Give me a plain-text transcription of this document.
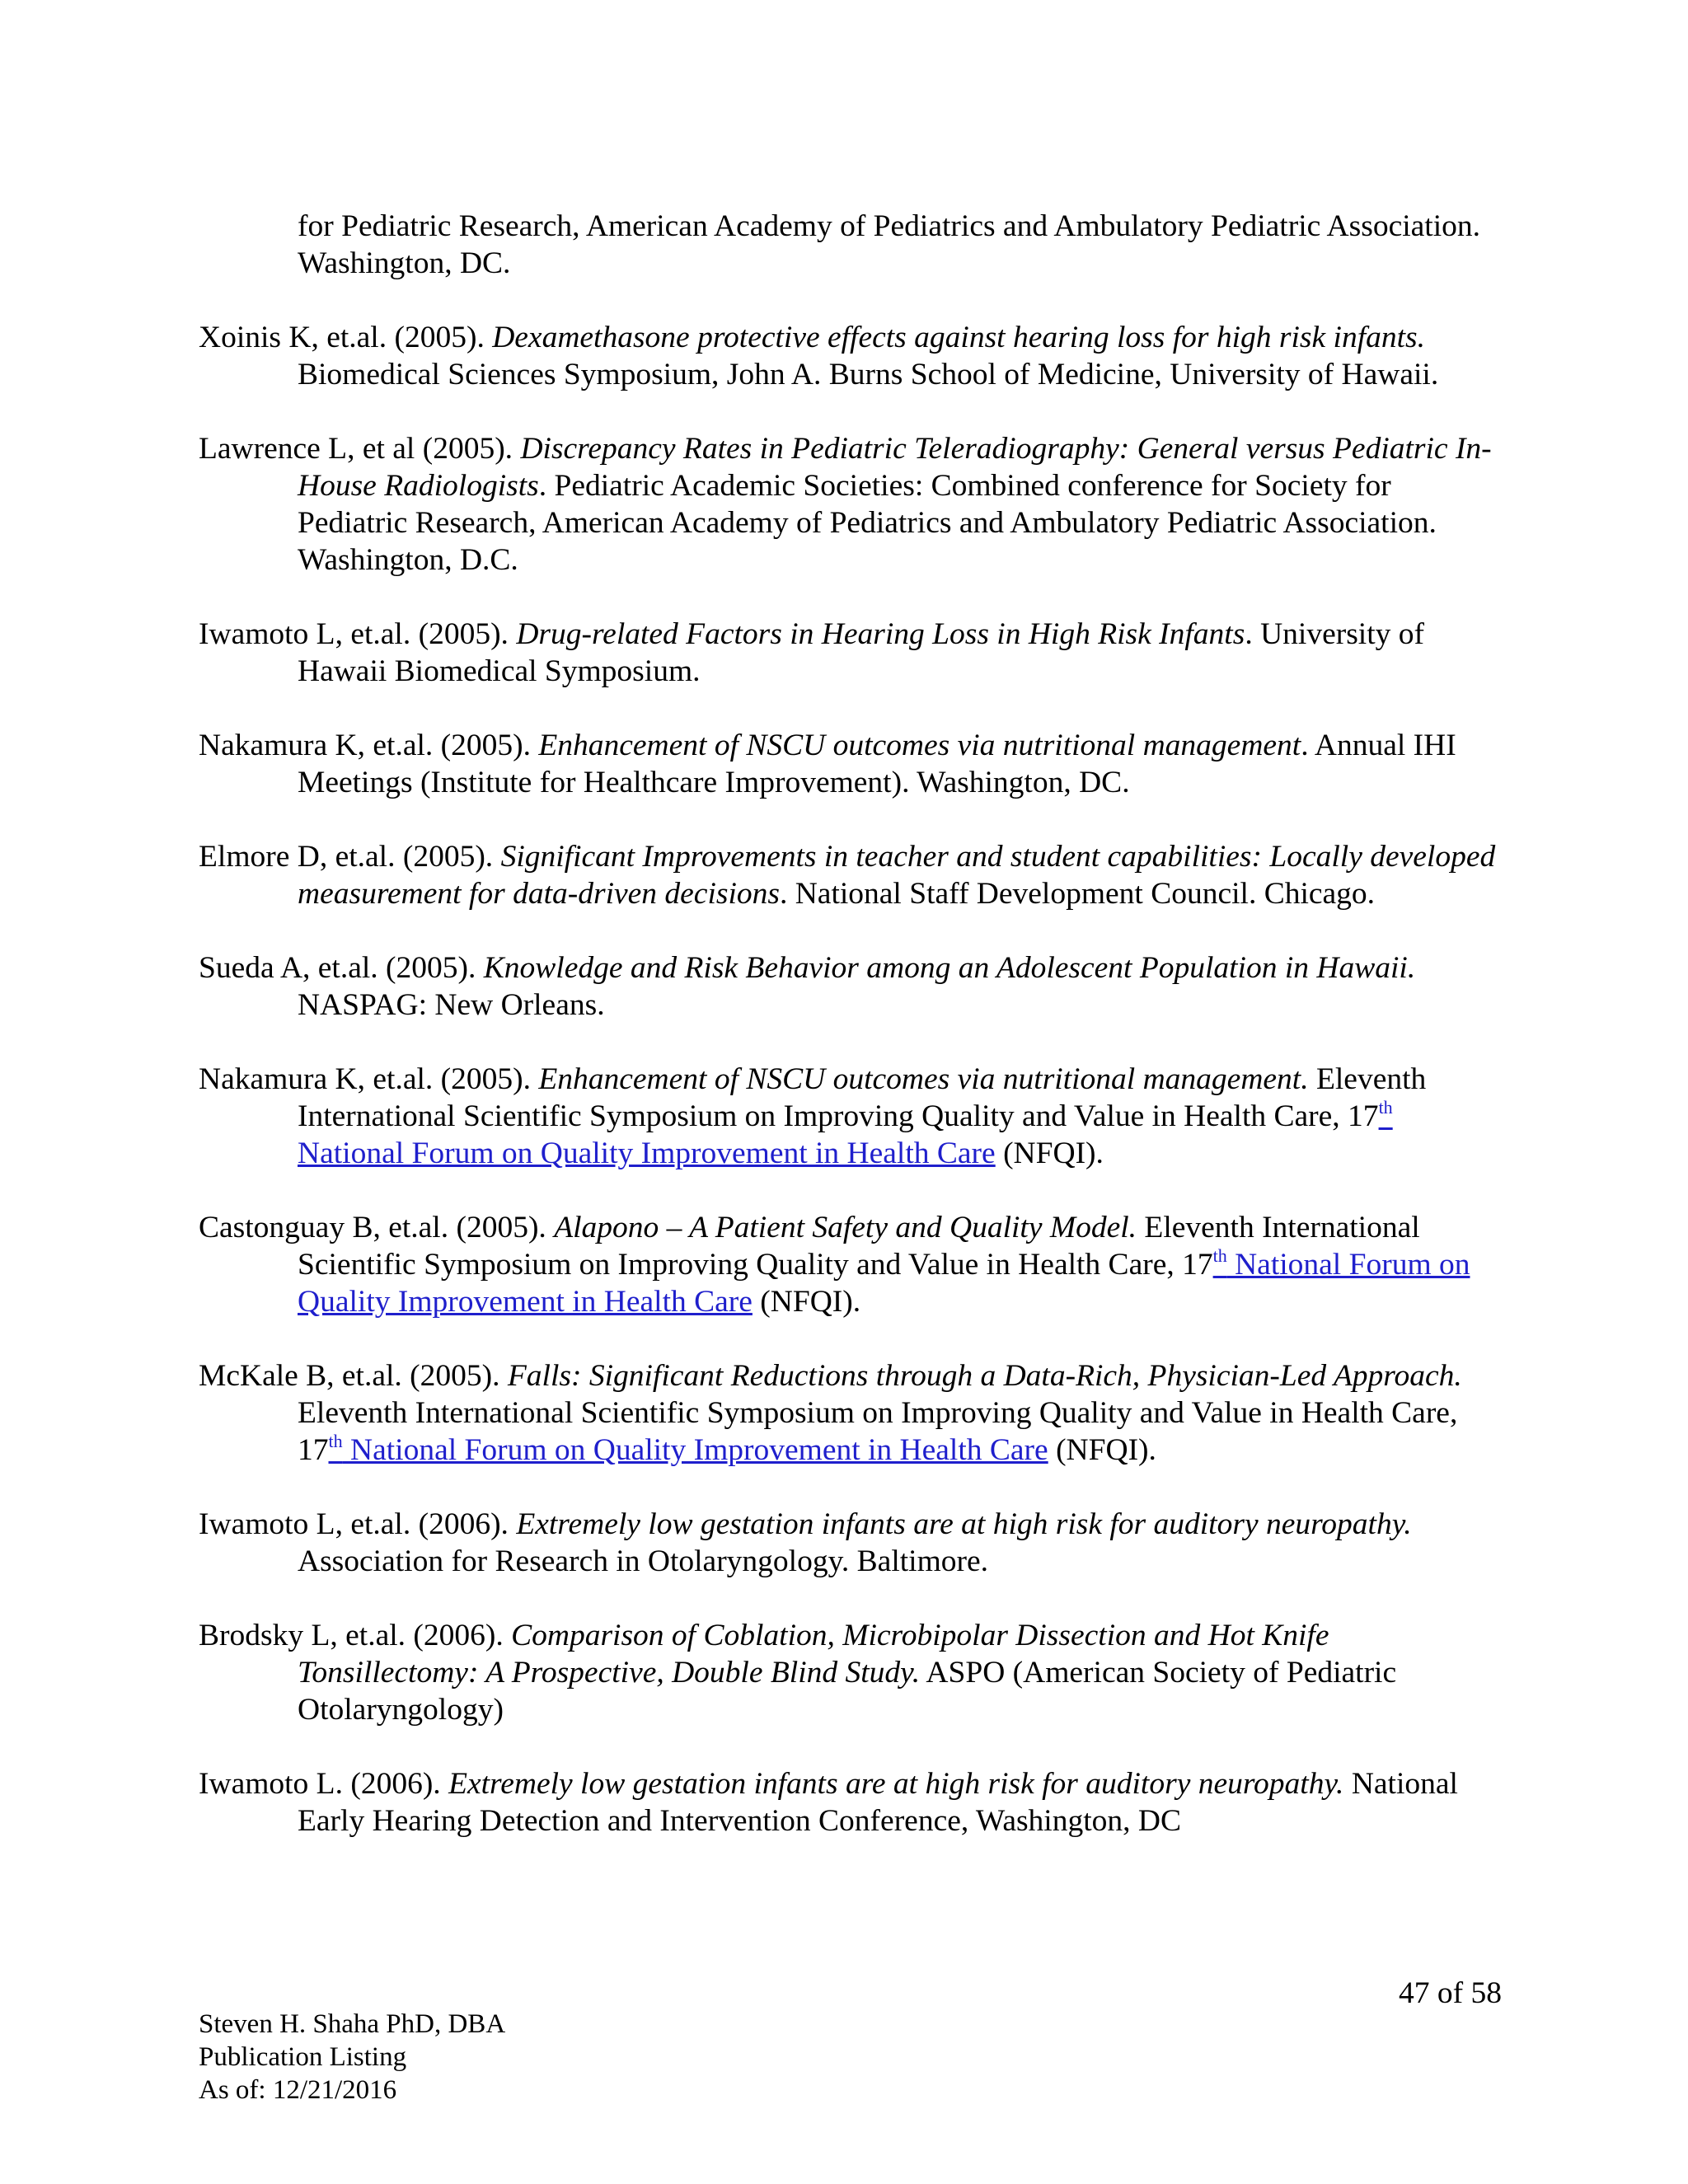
for Pediatric Research, American Academy of Pediatrics and Ambulatory Pediatric Association. Washington, DC.

Xoinis K, et.al. (2005). Dexamethasone protective effects against hearing loss for high risk infants. Biomedical Sciences Symposium, John A. Burns School of Medicine, University of Hawaii.

Lawrence L, et al (2005). Discrepancy Rates in Pediatric Teleradiography: General versus Pediatric In-House Radiologists. Pediatric Academic Societies: Combined conference for Society for Pediatric Research, American Academy of Pediatrics and Ambulatory Pediatric Association. Washington, D.C.

Iwamoto L, et.al. (2005). Drug-related Factors in Hearing Loss in High Risk Infants. University of Hawaii Biomedical Symposium.

Nakamura K, et.al. (2005). Enhancement of NSCU outcomes via nutritional management. Annual IHI Meetings (Institute for Healthcare Improvement). Washington, DC.

Elmore D, et.al. (2005). Significant Improvements in teacher and student capabilities: Locally developed measurement for data-driven decisions. National Staff Development Council. Chicago.

Sueda A, et.al. (2005). Knowledge and Risk Behavior among an Adolescent Population in Hawaii. NASPAG: New Orleans.

Nakamura K, et.al. (2005). Enhancement of NSCU outcomes via nutritional management. Eleventh International Scientific Symposium on Improving Quality and Value in Health Care, 17th National Forum on Quality Improvement in Health Care (NFQI).

Castonguay B, et.al. (2005). Alapono – A Patient Safety and Quality Model. Eleventh International Scientific Symposium on Improving Quality and Value in Health Care, 17th National Forum on Quality Improvement in Health Care (NFQI).

McKale B, et.al. (2005). Falls: Significant Reductions through a Data-Rich, Physician-Led Approach. Eleventh International Scientific Symposium on Improving Quality and Value in Health Care, 17th National Forum on Quality Improvement in Health Care (NFQI).

Iwamoto L, et.al. (2006). Extremely low gestation infants are at high risk for auditory neuropathy. Association for Research in Otolaryngology. Baltimore.

Brodsky L, et.al. (2006). Comparison of Coblation, Microbipolar Dissection and Hot Knife Tonsillectomy: A Prospective, Double Blind Study. ASPO (American Society of Pediatric Otolaryngology)

Iwamoto L. (2006). Extremely low gestation infants are at high risk for auditory neuropathy. National Early Hearing Detection and Intervention Conference, Washington, DC

47 of 58
Steven H. Shaha PhD, DBA
Publication Listing
As of: 12/21/2016
